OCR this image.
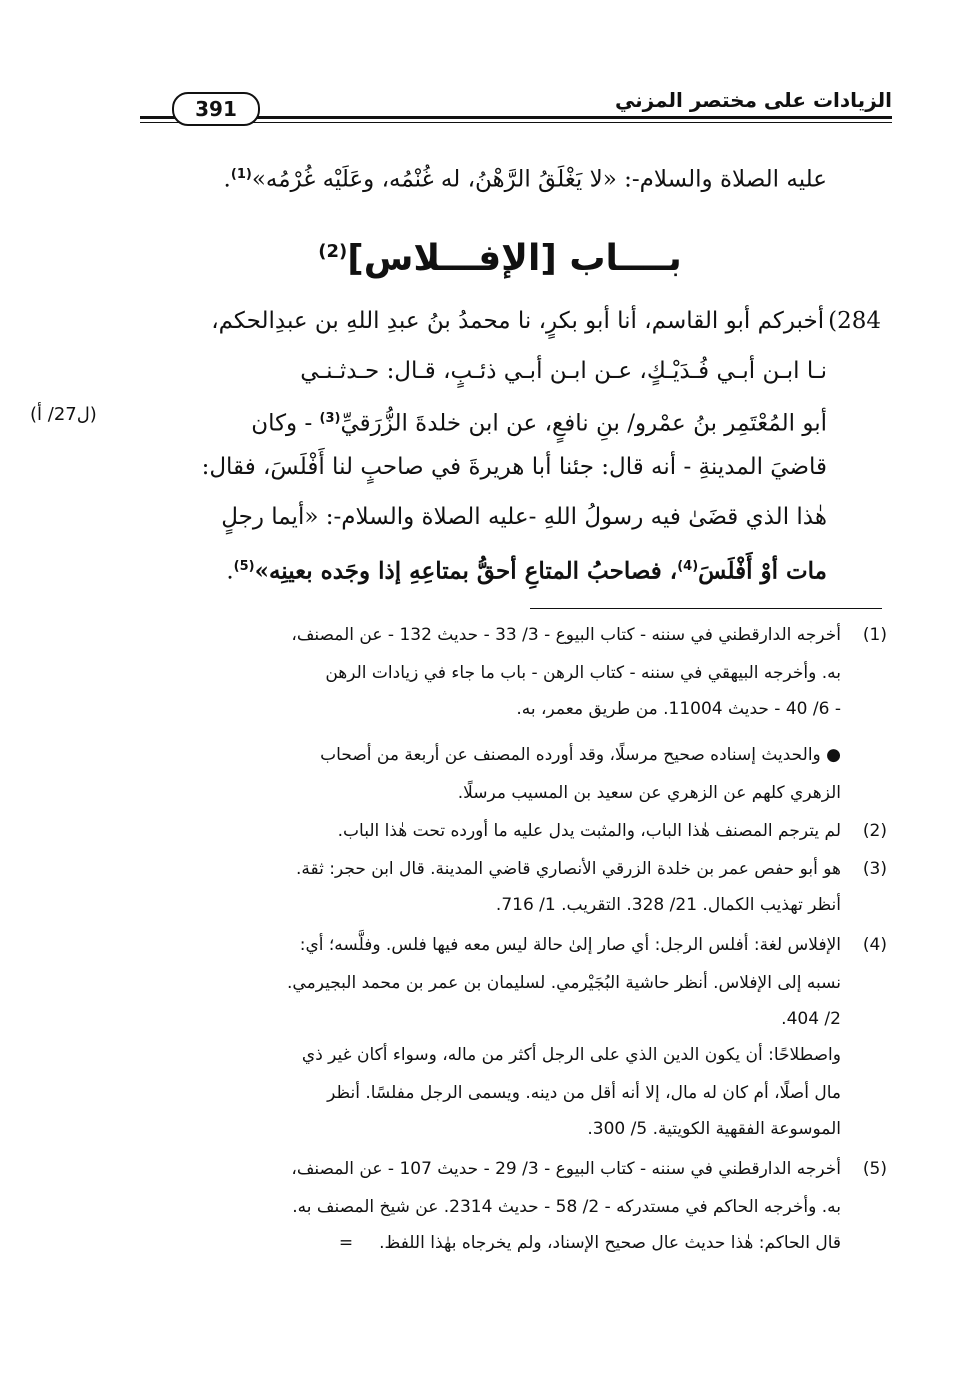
391	الزيادات على مختصر المزني
عليه الصلاة والسلام-: «لا يَغْلَقُ الرَّهْنُ، له غُنْمُه، وعَلَيْه غُرْمُه»$^{(1)}$.
بــــاب [الإفـــلاس]$^{(2)}$
284)أخبركم أبو القاسم، أنا أبو بكرٍ، نا محمدُ بنُ عبدِ اللهِ بن عبدِالحكم،
نـا ابـن أبـي فُـدَيْـكٍ، عـن ابـن أبـي ذئـبٍ، قـال: حـدثـنـي
أبو المُعْتَمِر بنُ عمْرو/ بنِ نافعٍ، عن ابن خلدةَ الزُّرَقيِّ$^{(3)}$ - وكان
(ل27/ أ)
قاضيَ المدينةِ - أنه قال: جئنا أبا هريرةَ في صاحبٍ لنا أَفْلَسَ، فقال:
هٰذا الذي قضَىٰ فيه رسولُ اللهِ -عليه الصلاة والسلام-: «أيما رجلٍ
مات أوْ أَفْلَسَ$^{(4)}$، فصاحبُ المتاعِ أحقُّ بمتاعِهِ إذا وجَده بعينِه»$^{(5)}$.
(1)أخرجه الدارقطني في سننه - كتاب البيوع - 3/ 33 - حديث 132 - عن المصنف،
به. وأخرجه البيهقي في سننه - كتاب الرهن - باب ما جاء في زيادات الرهن
- 6/ 40 - حديث 11004. من طريق معمر، به.
● والحديث إسناده صحيح مرسلًا، وقد أورده المصنف عن أربعة من أصحاب
الزهري كلهم عن الزهري عن سعيد بن المسيب مرسلًا.
(2)لم يترجم المصنف هٰذا الباب، والمثبت يدل عليه ما أورده تحت هٰذا الباب.
(3)هو أبو حفص عمر بن خلدة الزرقي الأنصاري قاضي المدينة. قال ابن حجر: ثقة.
أنظر تهذيب الكمال. 21/ 328. التقريب. 1/ 716.
(4)الإفلاس لغة: أفلس الرجل: أي صار إلىٰ حالة ليس معه فيها فلس. وفلَّسه؛ أي:
نسبه إلى الإفلاس. أنظر حاشية البُجَيْرمي. لسليمان بن عمر بن محمد البجيرمي.
2/ 404.
واصطلاحًا: أن يكون الدين الذي على الرجل أكثر من ماله، وسواء أكان غير ذي
مال أصلًا، أم كان له مال، إلا أنه أقل من دينه. ويسمى الرجل مفلسًا. أنظر
الموسوعة الفقهية الكويتية. 5/ 300.
(5)أخرجه الدارقطني في سننه - كتاب البيوع - 3/ 29 - حديث 107 - عن المصنف،
به. وأخرجه الحاكم في مستدركه - 2/ 58 - حديث 2314. عن شيخ المصنف به.
قال الحاكم: هٰذا حديث عال صحيح الإسناد، ولم يخرجاه بهٰذا اللفظ.=
